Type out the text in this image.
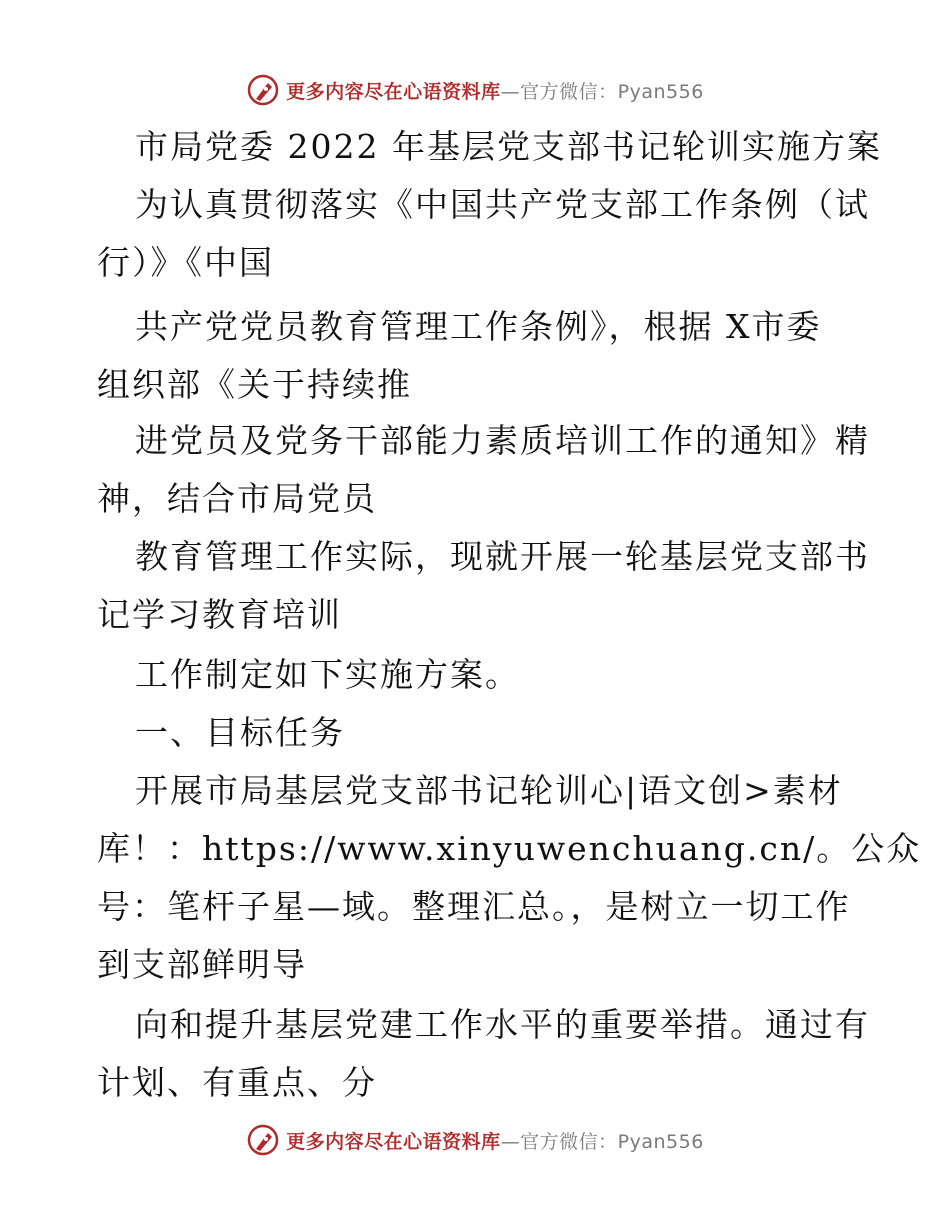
更多内容尽在心语资料库—官方微信：Pyan556
市局党委 2022 年基层党支部书记轮训实施方案
为认真贯彻落实《中国共产党支部工作条例（试
行）》《中国
共产党党员教育管理工作条例》，根据 X市委
组织部《关于持续推
进党员及党务干部能力素质培训工作的通知》精
神，结合市局党员
教育管理工作实际，现就开展一轮基层党支部书
记学习教育培训
工作制定如下实施方案。
一、目标任务
开展市局基层党支部书记轮训心|语文创>素材
库！：https://www.xinyuwenchuang.cn/。公众
号：笔杆子星—域。整理汇总。，是树立一切工作
到支部鲜明导
向和提升基层党建工作水平的重要举措。通过有
计划、有重点、分
更多内容尽在心语资料库—官方微信：Pyan556
